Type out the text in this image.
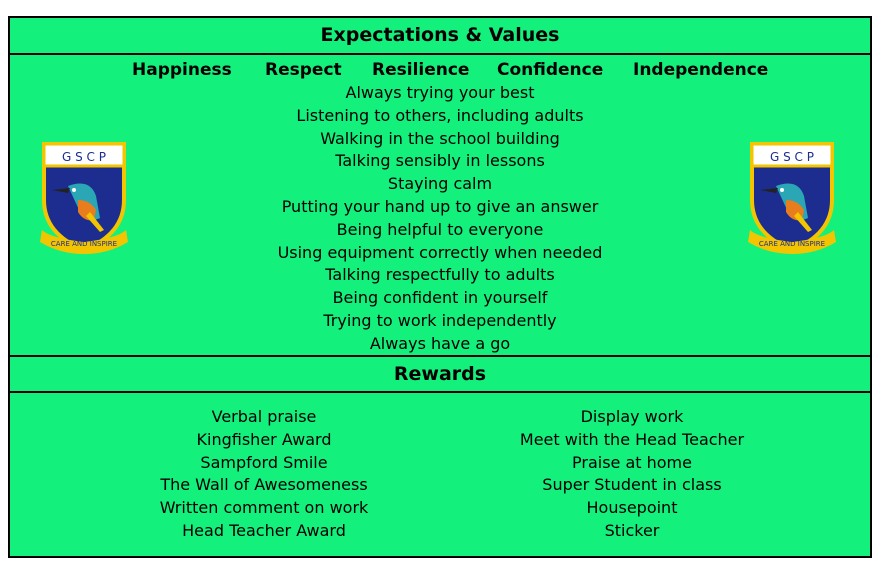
Expectations & Values
Happiness Respect Resilience Confidence Independence
Always trying your best
Listening to others, including adults
Walking in the school building
Talking sensibly in lessons
Staying calm
Putting your hand up to give an answer
Being helpful to everyone
Using equipment correctly when needed
Talking respectfully to adults
Being confident in yourself
Trying to work independently
Always have a go
G S C P
CARE AND INSPIRE
G S C P
CARE AND INSPIRE
Rewards
Verbal praise
Kingfisher Award
Sampford Smile
The Wall of Awesomeness
Written comment on work
Head Teacher Award
Display work
Meet with the Head Teacher
Praise at home
Super Student in class
Housepoint
Sticker
